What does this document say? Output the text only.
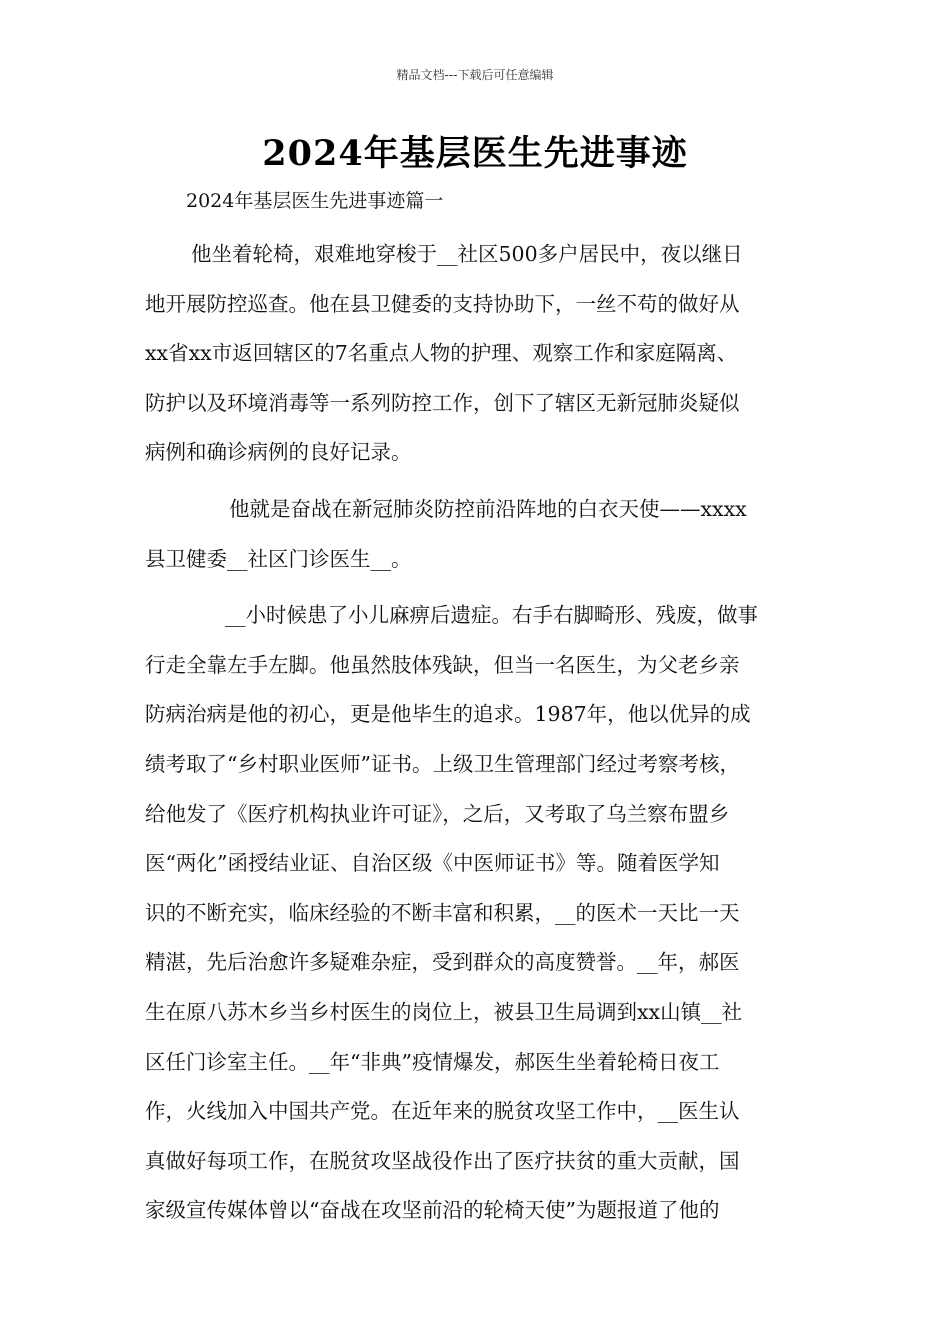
精品文档---下载后可任意编辑
2024年基层医生先进事迹
2024年基层医生先进事迹篇一
他坐着轮椅，艰难地穿梭于__社区500多户居民中，夜以继日
地开展防控巡查。他在县卫健委的支持协助下，一丝不苟的做好从
xx省xx市返回辖区的7名重点人物的护理、观察工作和家庭隔离、
防护以及环境消毒等一系列防控工作，创下了辖区无新冠肺炎疑似
病例和确诊病例的良好记录。
他就是奋战在新冠肺炎防控前沿阵地的白衣天使——xxxx
县卫健委__社区门诊医生__。
__小时候患了小儿麻痹后遗症。右手右脚畸形、残废，做事
行走全靠左手左脚。他虽然肢体残缺，但当一名医生，为父老乡亲
防病治病是他的初心，更是他毕生的追求。1987年，他以优异的成
绩考取了“乡村职业医师”证书。上级卫生管理部门经过考察考核，
给他发了《医疗机构执业许可证》，之后，又考取了乌兰察布盟乡
医“两化”函授结业证、自治区级《中医师证书》等。随着医学知
识的不断充实，临床经验的不断丰富和积累，__的医术一天比一天
精湛，先后治愈许多疑难杂症，受到群众的高度赞誉。__年，郝医
生在原八苏木乡当乡村医生的岗位上，被县卫生局调到xx山镇__社
区任门诊室主任。__年“非典”疫情爆发，郝医生坐着轮椅日夜工
作，火线加入中国共产党。在近年来的脱贫攻坚工作中，__医生认
真做好每项工作，在脱贫攻坚战役作出了医疗扶贫的重大贡献，国
家级宣传媒体曾以“奋战在攻坚前沿的轮椅天使”为题报道了他的
